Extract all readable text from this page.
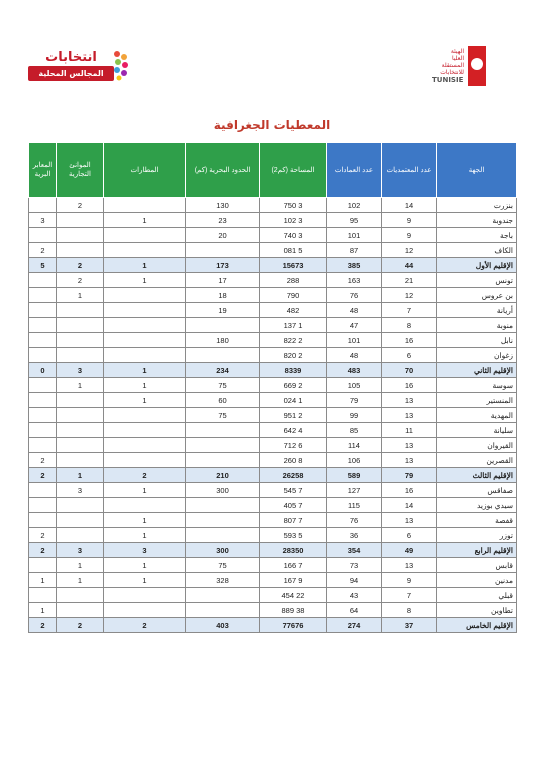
انتخابات
المجالس المحلية
الهيئة
العليا
المستقلة
للانتخابات
TUNISIE
المعطيات الجغرافية
الجهة	عدد المعتمديات	عدد العمادات	المساحة (كم2)	الحدود البحرية (كم)	المطارات	الموانئ التجارية	المعابر البرية
بنزرت	14	102	3 750	130		2	
جندوبة	9	95	3 102	23	1		3
باجة	9	101	3 740	20			
الكاف	12	87	5 081				2
الإقليم الأول	44	385	15673	173	1	2	5
تونس	21	163	288	17	1	2	
بن عروس	12	76	790	18		1	
أريانة	7	48	482	19			
منوبة	8	47	1 137				
نابل	16	101	2 822	180			
زغوان	6	48	2 820				
الإقليم الثاني	70	483	8339	234	1	3	0
سوسة	16	105	2 669	75	1	1	
المنستير	13	79	1 024	60	1		
المهدية	13	99	2 951	75			
سليانة	11	85	4 642				
القيروان	13	114	6 712				
القصرين	13	106	8 260				2
الإقليم الثالث	79	589	26258	210	2	1	2
صفاقس	16	127	7 545	300	1	3	
سيدي بوزيد	14	115	7 405				
قفصة	13	76	7 807		1		
توزر	6	36	5 593		1		2
الإقليم الرابع	49	354	28350	300	3	3	2
قابس	13	73	7 166	75	1	1	
مدنين	9	94	9 167	328	1	1	1
قبلي	7	43	22 454				
تطاوين	8	64	38 889				1
الإقليم الخامس	37	274	77676	403	2	2	2
